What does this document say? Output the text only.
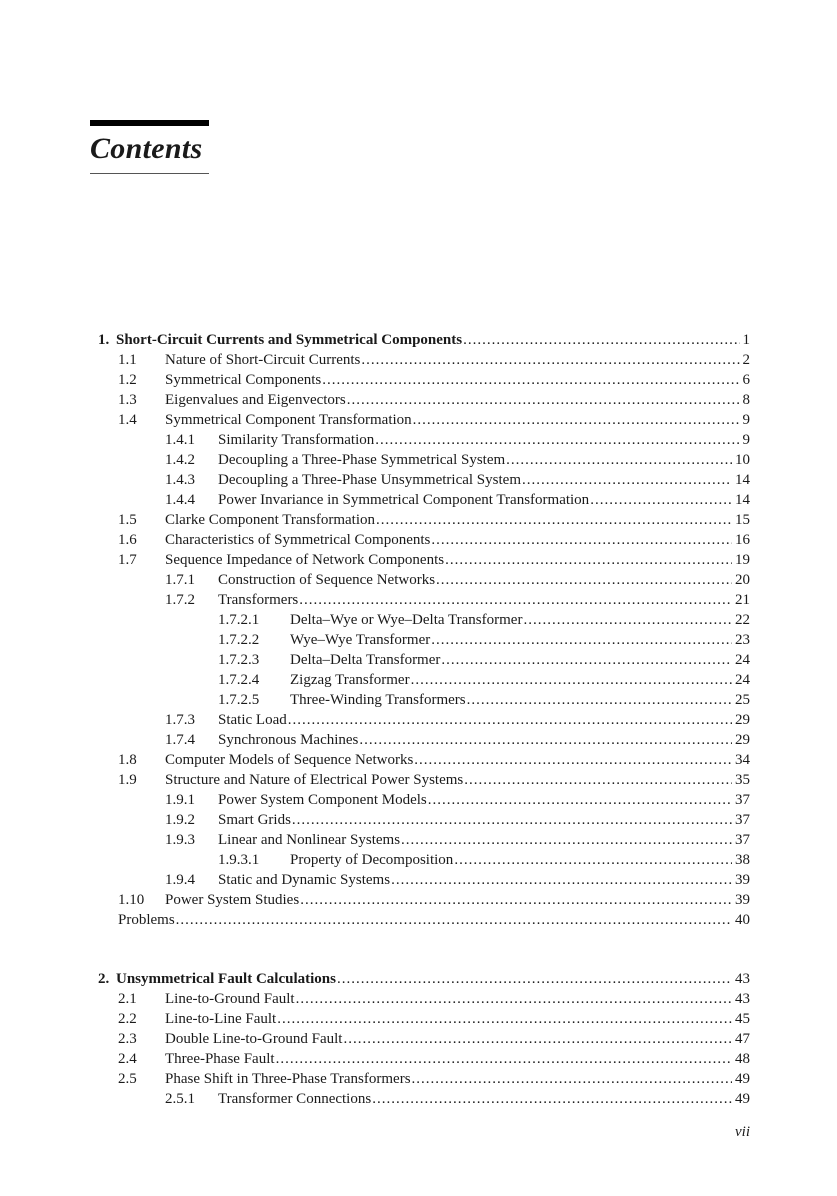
Contents
1. Short-Circuit Currents and Symmetrical Components .....	1
1.1	Nature of Short-Circuit Currents .....	2
1.2	Symmetrical Components .....	6
1.3	Eigenvalues and Eigenvectors .....	8
1.4	Symmetrical Component Transformation .....	9
1.4.1	Similarity Transformation .....	9
1.4.2	Decoupling a Three-Phase Symmetrical System .....	10
1.4.3	Decoupling a Three-Phase Unsymmetrical System .....	14
1.4.4	Power Invariance in Symmetrical Component Transformation .....	14
1.5	Clarke Component Transformation .....	15
1.6	Characteristics of Symmetrical Components .....	16
1.7	Sequence Impedance of Network Components .....	19
1.7.1	Construction of Sequence Networks .....	20
1.7.2	Transformers .....	21
1.7.2.1	Delta–Wye or Wye–Delta Transformer .....	22
1.7.2.2	Wye–Wye Transformer .....	23
1.7.2.3	Delta–Delta Transformer .....	24
1.7.2.4	Zigzag Transformer .....	24
1.7.2.5	Three-Winding Transformers .....	25
1.7.3	Static Load .....	29
1.7.4	Synchronous Machines .....	29
1.8	Computer Models of Sequence Networks .....	34
1.9	Structure and Nature of Electrical Power Systems .....	35
1.9.1	Power System Component Models .....	37
1.9.2	Smart Grids .....	37
1.9.3	Linear and Nonlinear Systems .....	37
1.9.3.1	Property of Decomposition .....	38
1.9.4	Static and Dynamic Systems .....	39
1.10	Power System Studies .....	39
Problems .....	40
2. Unsymmetrical Fault Calculations .....	43
2.1	Line-to-Ground Fault .....	43
2.2	Line-to-Line Fault .....	45
2.3	Double Line-to-Ground Fault .....	47
2.4	Three-Phase Fault .....	48
2.5	Phase Shift in Three-Phase Transformers .....	49
2.5.1	Transformer Connections .....	49
vii
